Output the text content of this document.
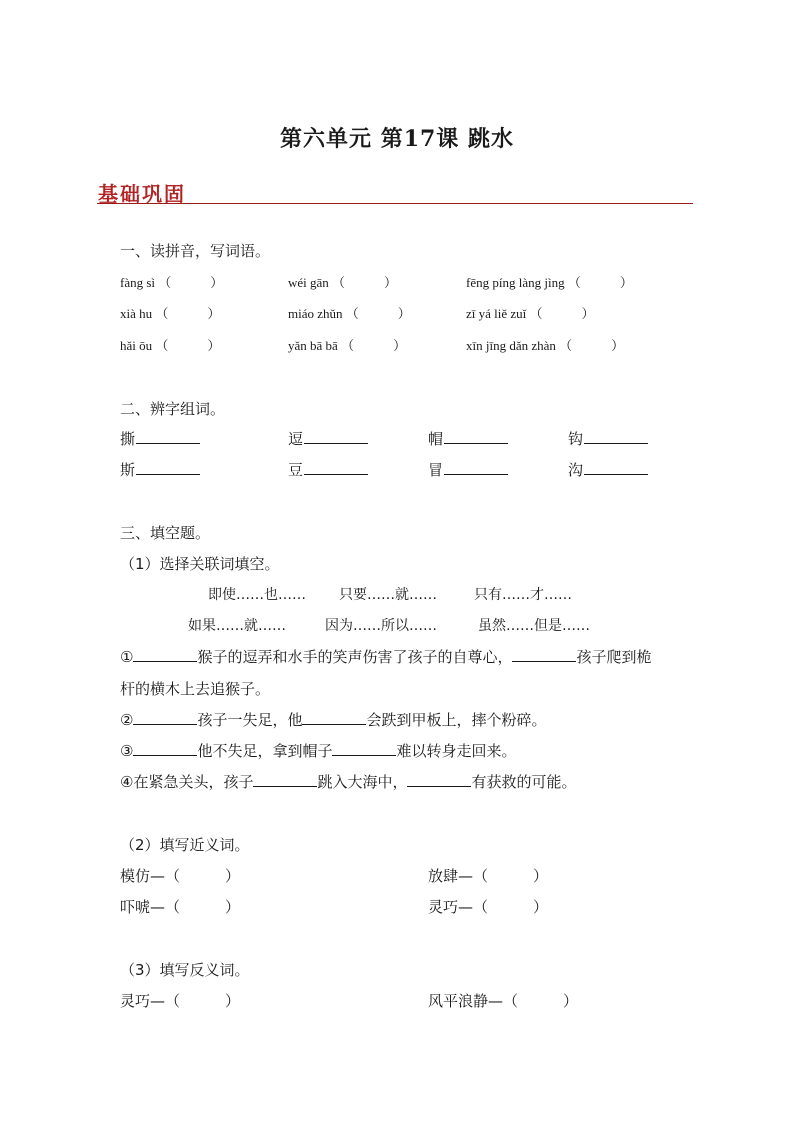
第六单元 第17课 跳水
基础巩固
一、读拼音，写词语。
fàng sì （　　　）	wéi gān （　　　）	fēng píng làng jìng （　　　）
xià hu （　　　）	miáo zhǔn （　　　）	zī yá liě zuǐ （　　　）
hǎi ōu （　　　）	yǎn bā bā （　　　）	xīn jīng dǎn zhàn （　　　）
二、辨字组词。
撕	逗	帽	钩
斯	豆	冒	沟
三、填空题。
（1）选择关联词填空。
即使……也…… 只要……就……	只有……才……
如果……就……	因为……所以……	虽然……但是……
①	猴子的逗弄和水手的笑声伤害了孩子的自尊心，	孩子爬到桅
杆的横木上去追猴子。
②	孩子一失足，他	会跌到甲板上，摔个粉碎。
③	他不失足，拿到帽子	难以转身走回来。
④在紧急关头，孩子	跳入大海中，	有获救的可能。
（2）填写近义词。
模仿—（　　　）	放肆—（　　　）
吓唬—（　　　）	灵巧—（　　　）
（3）填写反义词。
灵巧—（　　　）	风平浪静—（　　　）
